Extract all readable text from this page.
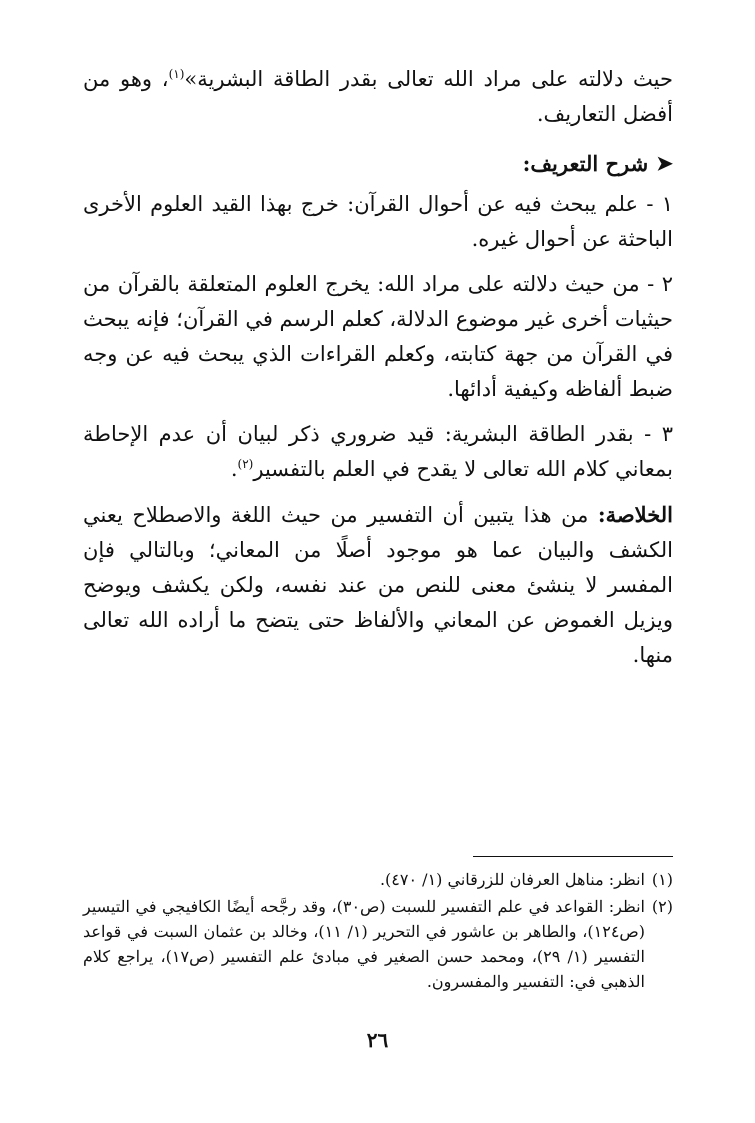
حيث دلالته على مراد الله تعالى بقدر الطاقة البشرية»$^{(١)}$، وهو من أفضل التعاريف.

➤
شرح التعريف:

١ - علم يبحث فيه عن أحوال القرآن: خرج بهذا القيد العلوم الأخرى الباحثة عن أحوال غيره.

٢ - من حيث دلالته على مراد الله: يخرج العلوم المتعلقة بالقرآن من حيثيات أخرى غير موضوع الدلالة، كعلم الرسم في القرآن؛ فإنه يبحث في القرآن من جهة كتابته، وكعلم القراءات الذي يبحث فيه عن وجه ضبط ألفاظه وكيفية أدائها.

٣ - بقدر الطاقة البشرية: قيد ضروري ذكر لبيان أن عدم الإحاطة بمعاني كلام الله تعالى لا يقدح في العلم بالتفسير$^{(٢)}$.

الخلاصة: من هذا يتبين أن التفسير من حيث اللغة والاصطلاح يعني الكشف والبيان عما هو موجود أصلًا من المعاني؛ وبالتالي فإن المفسر لا ينشئ معنى للنص من عند نفسه، ولكن يكشف ويوضح ويزيل الغموض عن المعاني والألفاظ حتى يتضح ما أراده الله تعالى منها.

(١)
انظر: مناهل العرفان للزرقاني (١/ ٤٧٠).
(٢)
انظر: القواعد في علم التفسير للسبت (ص٣٠)، وقد رجَّحه أيضًا الكافيجي في التيسير (ص١٢٤)، والطاهر بن عاشور في التحرير (١/ ١١)، وخالد بن عثمان السبت في قواعد التفسير (١/ ٢٩)، ومحمد حسن الصغير في مبادئ علم التفسير (ص١٧)، يراجع كلام الذهبي في: التفسير والمفسرون.
٢٦
